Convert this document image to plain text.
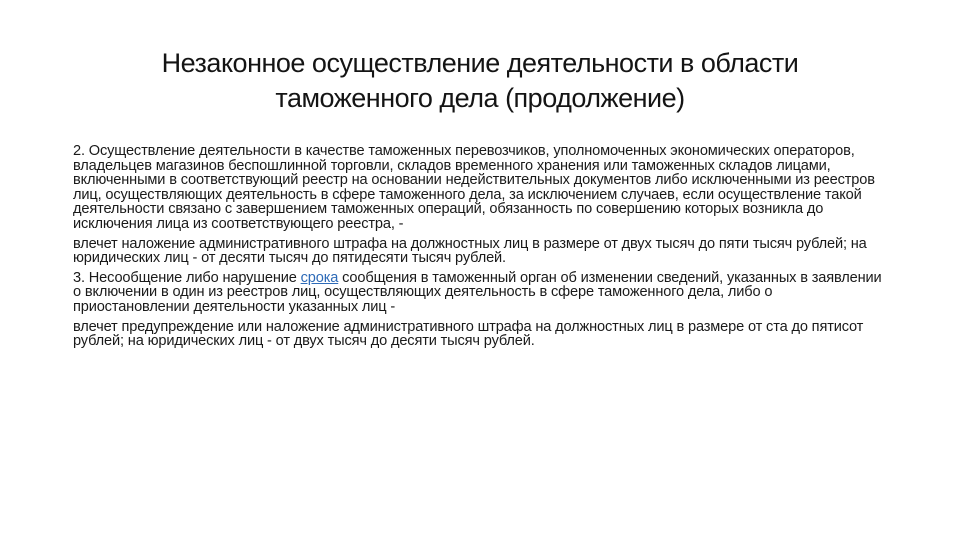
Незаконное осуществление деятельности в области
таможенного дела (продолжение)

2. Осуществление деятельности в качестве таможенных перевозчиков, уполномоченных экономических операторов, владельцев магазинов беспошлинной торговли, складов временного хранения или таможенных складов лицами, включенными в соответствующий реестр на основании недействительных документов либо исключенными из реестров лиц, осуществляющих деятельность в сфере таможенного дела, за исключением случаев, если осуществление такой деятельности связано с завершением таможенных операций, обязанность по совершению которых возникла до исключения лица из соответствующего реестра, -

влечет наложение административного штрафа на должностных лиц в размере от двух тысяч до пяти тысяч рублей; на юридических лиц - от десяти тысяч до пятидесяти тысяч рублей.

3. Несообщение либо нарушение срока сообщения в таможенный орган об изменении сведений, указанных в заявлении о включении в один из реестров лиц, осуществляющих деятельность в сфере таможенного дела, либо о приостановлении деятельности указанных лиц -

влечет предупреждение или наложение административного штрафа на должностных лиц в размере от ста до пятисот рублей; на юридических лиц - от двух тысяч до десяти тысяч рублей.
